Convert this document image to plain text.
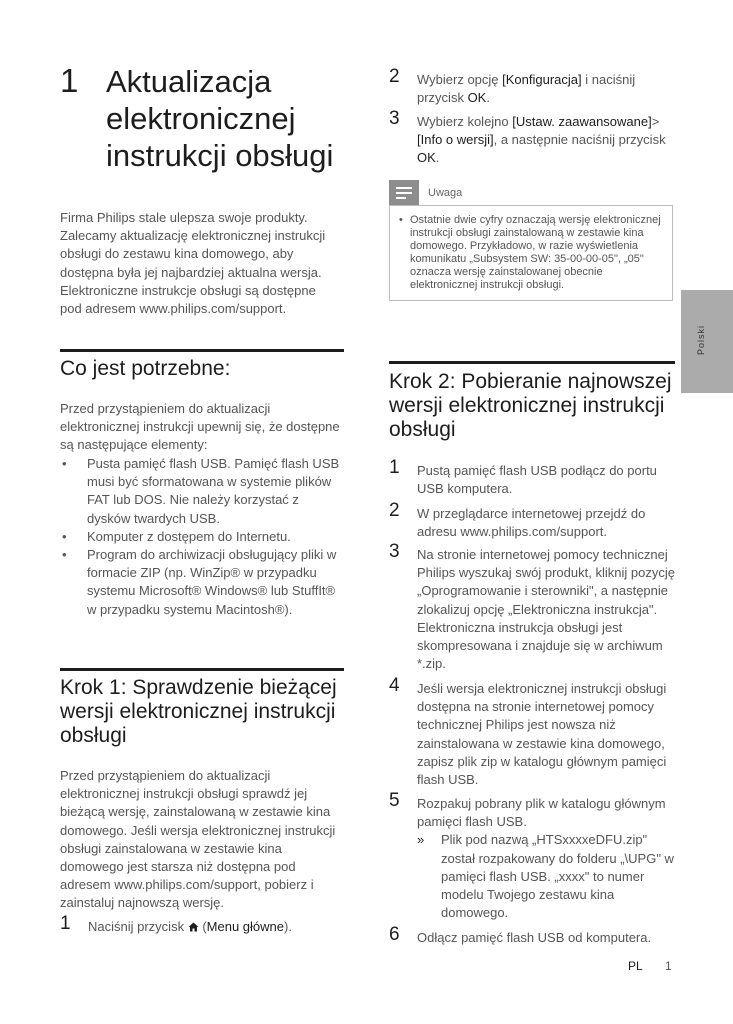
1 Aktualizacja elektronicznej instrukcji obsługi
Firma Philips stale ulepsza swoje produkty. Zalecamy aktualizację elektronicznej instrukcji obsługi do zestawu kina domowego, aby dostępna była jej najbardziej aktualna wersja. Elektroniczne instrukcje obsługi są dostępne pod adresem www.philips.com/support.
Co jest potrzebne:
Przed przystąpieniem do aktualizacji elektronicznej instrukcji upewnij się, że dostępne są następujące elementy:
• Pusta pamięć flash USB. Pamięć flash USB musi być sformatowana w systemie plików FAT lub DOS. Nie należy korzystać z dysków twardych USB.
• Komputer z dostępem do Internetu.
• Program do archiwizacji obsługujący pliki w formacie ZIP (np. WinZip® w przypadku systemu Microsoft® Windows® lub StuffIt® w przypadku systemu Macintosh®).
Krok 1: Sprawdzenie bieżącej wersji elektronicznej instrukcji obsługi
Przed przystąpieniem do aktualizacji elektronicznej instrukcji obsługi sprawdź jej bieżącą wersję, zainstalowaną w zestawie kina domowego. Jeśli wersja elektronicznej instrukcji obsługi zainstalowana w zestawie kina domowego jest starsza niż dostępna pod adresem www.philips.com/support, pobierz i zainstaluj najnowszą wersję.
1 Naciśnij przycisk (Menu główne).
2 Wybierz opcję [Konfiguracja] i naciśnij przycisk OK.
3 Wybierz kolejno [Ustaw. zaawansowane]>[Info o wersji], a następnie naciśnij przycisk OK.
Uwaga
• Ostatnie dwie cyfry oznaczają wersję elektronicznej instrukcji obsługi zainstalowaną w zestawie kina domowego. Przykładowo, w razie wyświetlenia komunikatu „Subsystem SW: 35-00-00-05", „05" oznacza wersję zainstalowanej obecnie elektronicznej instrukcji obsługi.
Krok 2: Pobieranie najnowszej wersji elektronicznej instrukcji obsługi
1 Pustą pamięć flash USB podłącz do portu USB komputera.
2 W przeglądarce internetowej przejdź do adresu www.philips.com/support.
3 Na stronie internetowej pomocy technicznej Philips wyszukaj swój produkt, kliknij pozycję „Oprogramowanie i sterowniki", a następnie zlokalizuj opcję „Elektroniczna instrukcja". Elektroniczna instrukcja obsługi jest skompresowana i znajduje się w archiwum *.zip.
4 Jeśli wersja elektronicznej instrukcji obsługi dostępna na stronie internetowej pomocy technicznej Philips jest nowsza niż zainstalowana w zestawie kina domowego, zapisz plik zip w katalogu głównym pamięci flash USB.
5 Rozpakuj pobrany plik w katalogu głównym pamięci flash USB.
» Plik pod nazwą „HTSxxxxeDFU.zip" został rozpakowany do folderu „\UPG" w pamięci flash USB. „xxxx" to numer modelu Twojego zestawu kina domowego.
6 Odłącz pamięć flash USB od komputera.
Polski
PL 1
